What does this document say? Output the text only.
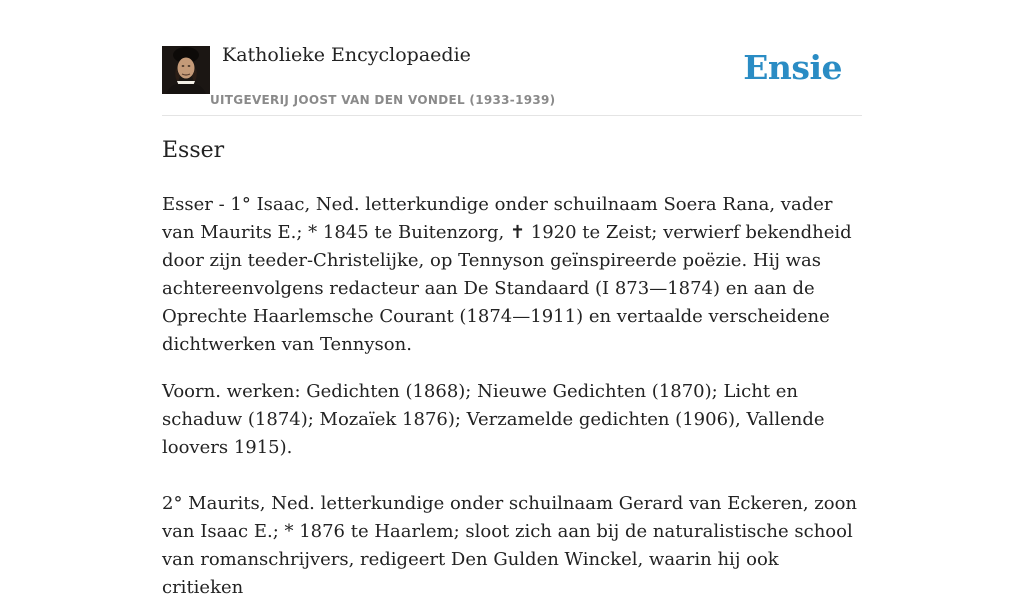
Katholieke Encyclopaedie
UITGEVERIJ JOOST VAN DEN VONDEL (1933-1939)
Ensie
Esser

Esser - 1° Isaac, Ned. letterkundige onder schuilnaam Soera Rana, vader van Maurits E.; * 1845 te Buitenzorg, ✝ 1920 te Zeist; verwierf bekendheid door zijn teeder-Christelijke, op Tennyson geïnspireerde poëzie. Hij was achtereenvolgens redacteur aan De Standaard (I 873—1874) en aan de Oprechte Haarlemsche Courant (1874—1911) en vertaalde verscheidene dichtwerken van Tennyson.

Voorn. werken: Gedichten (1868); Nieuwe Gedichten (1870); Licht en schaduw (1874); Mozaïek 1876); Verzamelde gedichten (1906), Vallende loovers 1915).

2° Maurits, Ned. letterkundige onder schuilnaam Gerard van Eckeren, zoon van Isaac E.; * 1876 te Haarlem; sloot zich aan bij de naturalistische school van romanschrijvers, redigeert Den Gulden Winckel, waarin hij ook critieken
